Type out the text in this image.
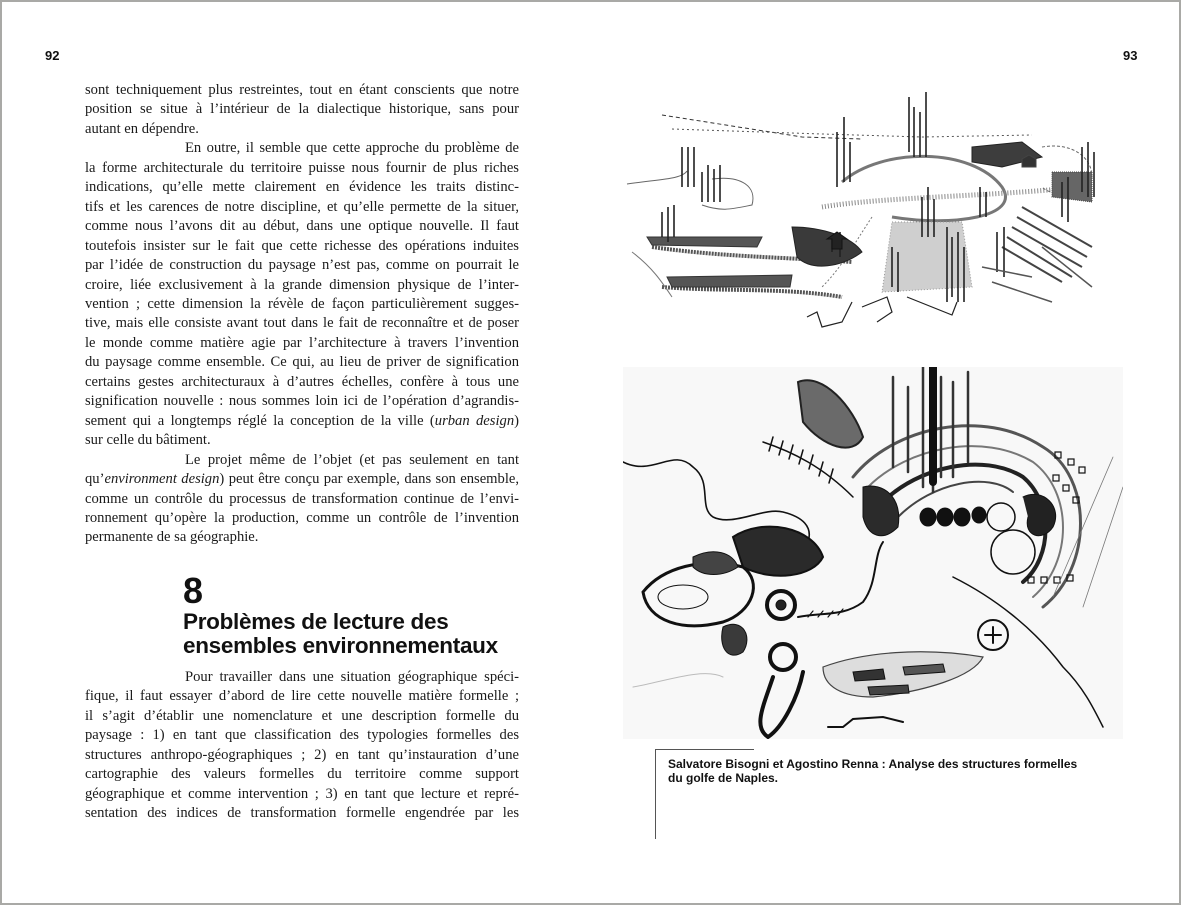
92

sont techniquement plus restreintes, tout en étant conscients que notre
position se situe à l’intérieur de la dialectique historique, sans pour
autant en dépendre.

En outre, il semble que cette approche du problème de
la forme architecturale du territoire puisse nous fournir de plus riches
indications, qu’elle mette clairement en évidence les traits distinc-
tifs et les carences de notre discipline, et qu’elle permette de la situer,
comme nous l’avons dit au début, dans une optique nouvelle. Il faut
toutefois insister sur le fait que cette richesse des opérations induites
par l’idée de construction du paysage n’est pas, comme on pourrait le
croire, liée exclusivement à la grande dimension physique de l’inter-
vention ; cette dimension la révèle de façon particulièrement sugges-
tive, mais elle consiste avant tout dans le fait de reconnaître et de poser
le monde comme matière agie par l’architecture à travers l’invention
du paysage comme ensemble. Ce qui, au lieu de priver de signification
certains gestes architecturaux à d’autres échelles, confère à tous une
signification nouvelle : nous sommes loin ici de l’opération d’agrandis-
sement qui a longtemps réglé la conception de la ville (urban design)
sur celle du bâtiment.

Le projet même de l’objet (et pas seulement en tant
qu’environment design) peut être conçu par exemple, dans son ensemble,
comme un contrôle du processus de transformation continue de l’envi-
ronnement qu’opère la production, comme un contrôle de l’invention
permanente de sa géographie.

8
Problèmes de lecture des
ensembles environnementaux

Pour travailler dans une situation géographique spéci-
fique, il faut essayer d’abord de lire cette nouvelle matière formelle ;
il s’agit d’établir une nomenclature et une description formelle du
paysage : 1) en tant que classification des typologies formelles des
structures anthropo-géographiques ; 2) en tant qu’instauration d’une
cartographie des valeurs formelles du territoire comme support
géographique et comme intervention ; 3) en tant que lecture et repré-
sentation des indices de transformation formelle engendrée par les

93
Salvatore Bisogni et Agostino Renna : Analyse des structures formelles
du golfe de Naples.
